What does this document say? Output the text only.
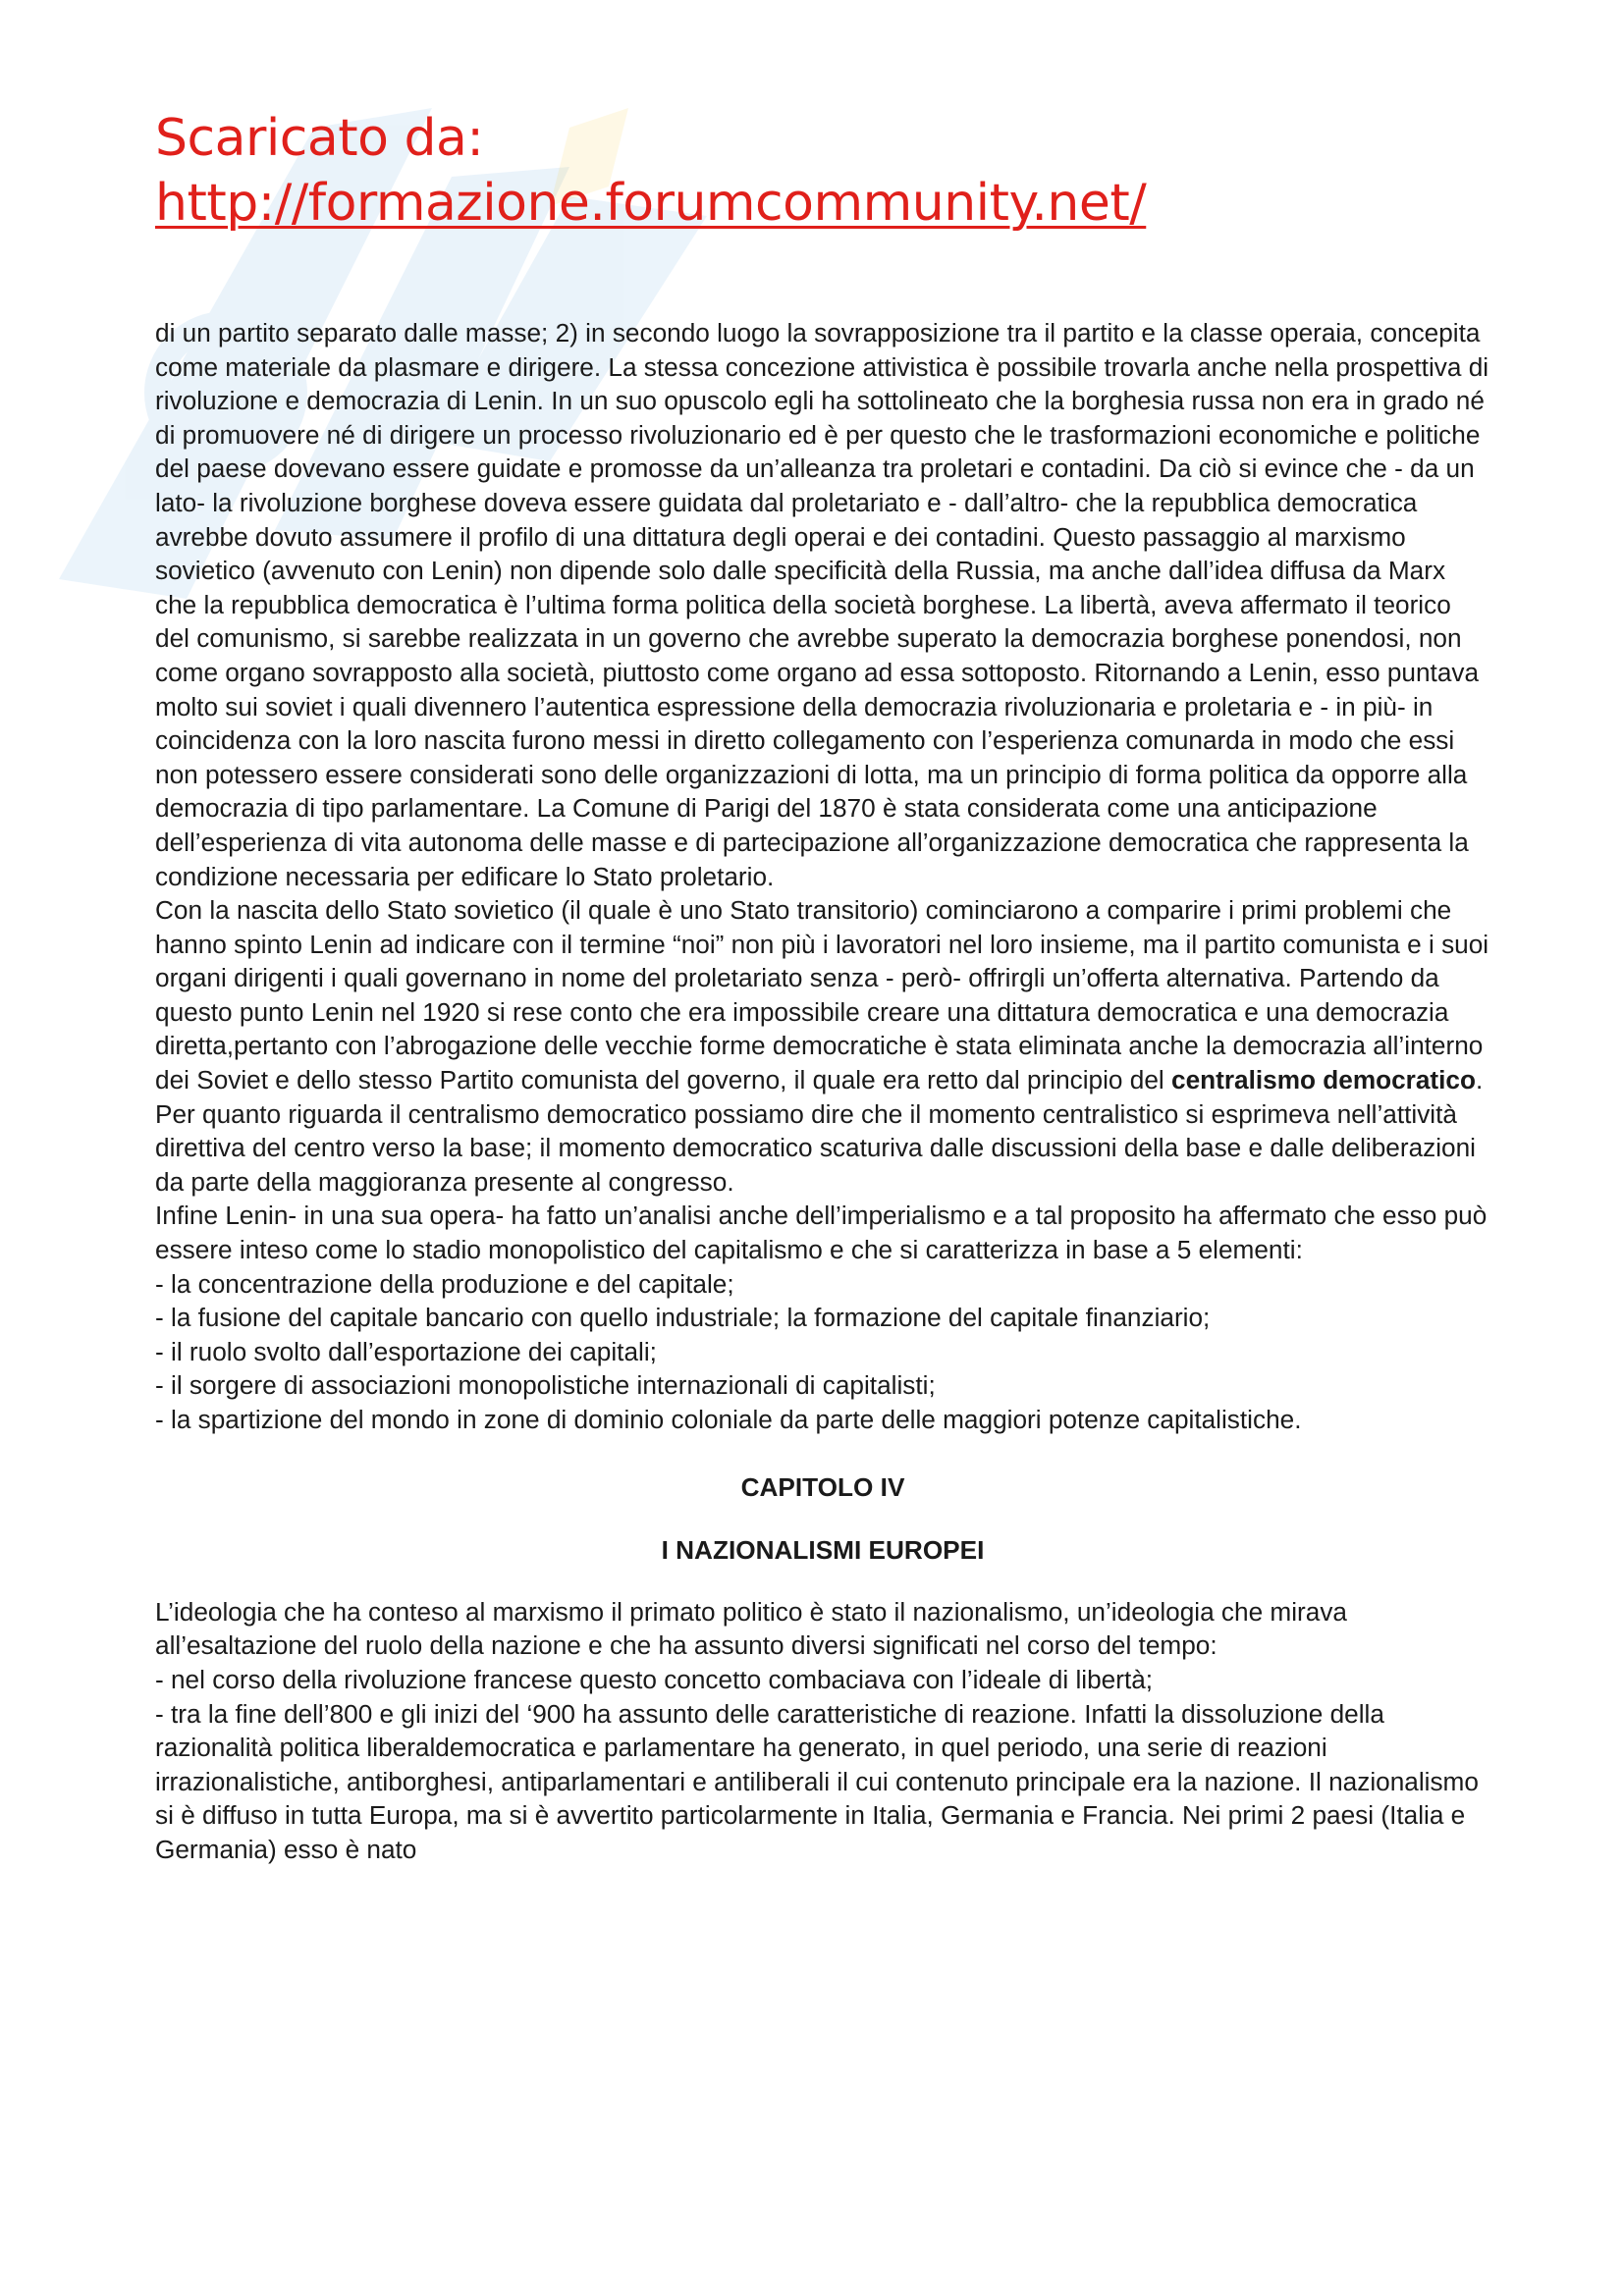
Scaricato da:
http://formazione.forumcommunity.net/

di un partito separato dalle masse; 2) in secondo luogo la sovrapposizione tra il partito e la classe operaia, concepita come materiale da plasmare e dirigere. La stessa concezione attivistica è possibile trovarla anche nella prospettiva di rivoluzione e democrazia di Lenin. In un suo opuscolo egli ha sottolineato che la borghesia russa non era in grado né di promuovere né di dirigere un processo rivoluzionario ed è per questo che le trasformazioni economiche e politiche del paese dovevano essere guidate e promosse da un’alleanza tra proletari e contadini. Da ciò si evince che - da un lato- la rivoluzione borghese doveva essere guidata dal proletariato e - dall’altro- che la repubblica democratica avrebbe dovuto assumere il profilo di una dittatura degli operai e dei contadini. Questo passaggio al marxismo sovietico (avvenuto con Lenin) non dipende solo dalle specificità della Russia, ma anche dall’idea diffusa da Marx che la repubblica democratica è l’ultima forma politica della società borghese. La libertà, aveva affermato il teorico del comunismo, si sarebbe realizzata in un governo che avrebbe superato la democrazia borghese ponendosi, non come organo sovrapposto alla società, piuttosto come organo ad essa sottoposto. Ritornando a Lenin, esso puntava molto sui soviet i quali divennero l’autentica espressione della democrazia rivoluzionaria e proletaria e - in più- in coincidenza con la loro nascita furono messi in diretto collegamento con l’esperienza comunarda in modo che essi non potessero essere considerati sono delle organizzazioni di lotta, ma un principio di forma politica da opporre alla democrazia di tipo parlamentare. La Comune di Parigi del 1870 è stata considerata come una anticipazione dell’esperienza di vita autonoma delle masse e di partecipazione all’organizzazione democratica che rappresenta la condizione necessaria per edificare lo Stato proletario.

Con la nascita dello Stato sovietico (il quale è uno Stato transitorio) cominciarono a comparire i primi problemi che hanno spinto Lenin ad indicare con il termine “noi” non più i lavoratori nel loro insieme, ma il partito comunista e i suoi organi dirigenti i quali governano in nome del proletariato senza - però- offrirgli un’offerta alternativa. Partendo da questo punto Lenin nel 1920 si rese conto che era impossibile creare una dittatura democratica e una democrazia diretta,pertanto con l’abrogazione delle vecchie forme democratiche è stata eliminata anche la democrazia all’interno dei Soviet e dello stesso Partito comunista del governo, il quale era retto dal principio del centralismo democratico. Per quanto riguarda il centralismo democratico possiamo dire che il momento centralistico si esprimeva nell’attività direttiva del centro verso la base; il momento democratico scaturiva dalle discussioni della base e dalle deliberazioni da parte della maggioranza presente al congresso.

Infine Lenin- in una sua opera- ha fatto un’analisi anche dell’imperialismo e a tal proposito ha affermato che esso può essere inteso come lo stadio monopolistico del capitalismo e che si caratterizza in base a 5 elementi:

- la concentrazione della produzione e del capitale;
- la fusione del capitale bancario con quello industriale; la formazione del capitale finanziario;
- il ruolo svolto dall’esportazione dei capitali;
- il sorgere di associazioni monopolistiche internazionali di capitalisti;
- la spartizione del mondo in zone di dominio coloniale da parte delle maggiori potenze capitalistiche.

CAPITOLO IV

I NAZIONALISMI EUROPEI

L’ideologia che ha conteso al marxismo il primato politico è stato il nazionalismo, un’ideologia che mirava all’esaltazione del ruolo della nazione e che ha assunto diversi significati nel corso del tempo:

- nel corso della rivoluzione francese questo concetto combaciava con l’ideale di libertà;
- tra la fine dell’800 e gli inizi del ‘900 ha assunto delle caratteristiche di reazione. Infatti la dissoluzione della razionalità politica liberaldemocratica e parlamentare ha generato, in quel periodo, una serie di reazioni irrazionalistiche, antiborghesi, antiparlamentari e antiliberali il cui contenuto principale era la nazione. Il nazionalismo si è diffuso in tutta Europa, ma si è avvertito particolarmente in Italia, Germania e Francia. Nei primi 2 paesi (Italia e Germania) esso è nato
